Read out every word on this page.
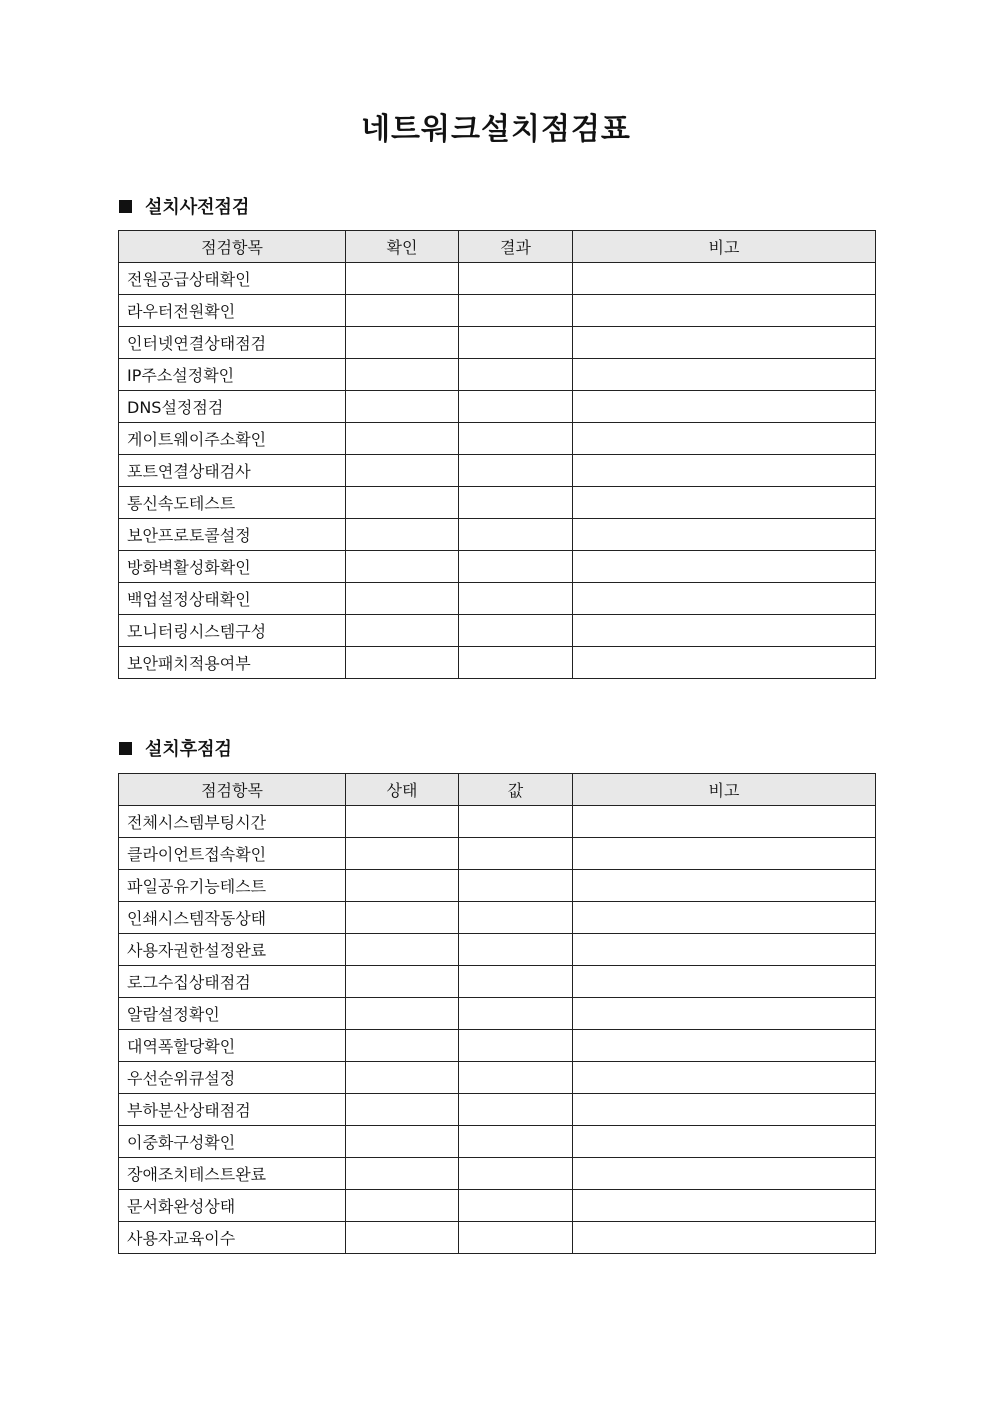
네트워크설치점검표
설치사전점검
점검항목	확인	결과	비고
전원공급상태확인			
라우터전원확인			
인터넷연결상태점검			
IP주소설정확인			
DNS설정점검			
게이트웨이주소확인			
포트연결상태검사			
통신속도테스트			
보안프로토콜설정			
방화벽활성화확인			
백업설정상태확인			
모니터링시스템구성			
보안패치적용여부			
설치후점검
점검항목	상태	값	비고
전체시스템부팅시간			
클라이언트접속확인			
파일공유기능테스트			
인쇄시스템작동상태			
사용자권한설정완료			
로그수집상태점검			
알람설정확인			
대역폭할당확인			
우선순위큐설정			
부하분산상태점검			
이중화구성확인			
장애조치테스트완료			
문서화완성상태			
사용자교육이수			
